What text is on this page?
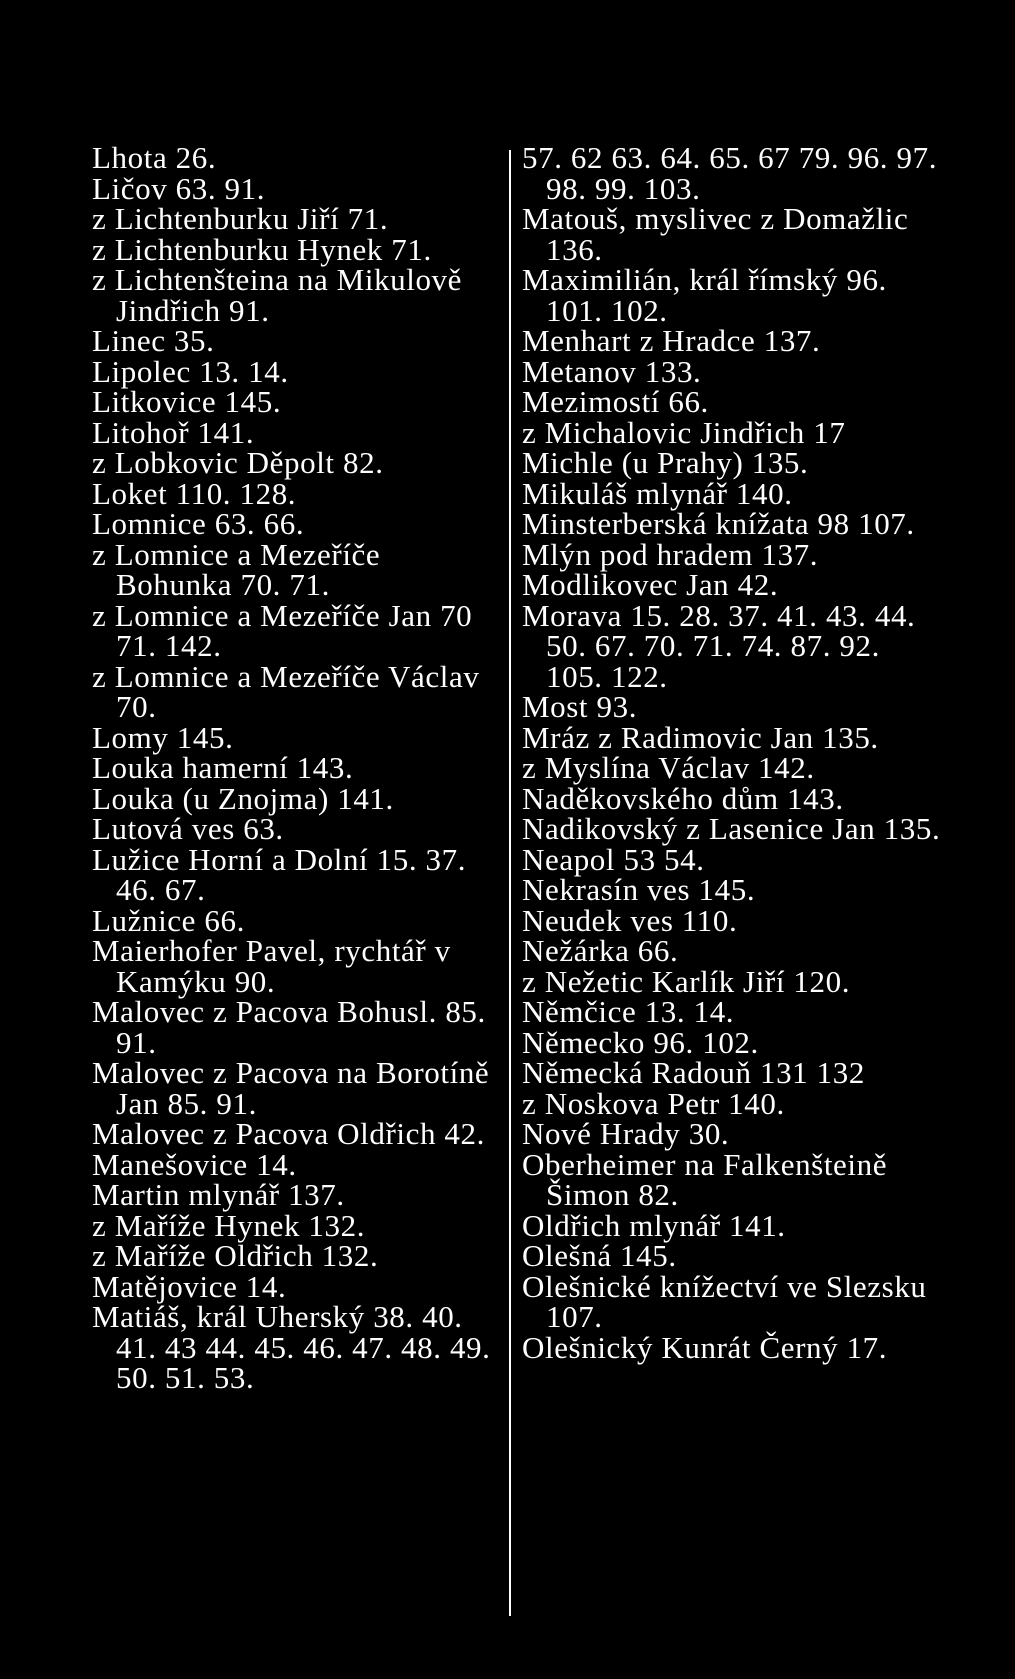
Lhota 26.

Ličov 63. 91.

z Lichtenburku Jiří 71.

z Lichtenburku Hynek 71.

z Lichtenšteina na Mikulově Jindřich 91.

Linec 35.

Lipolec 13. 14.

Litkovice 145.

Litohoř 141.

z Lobkovic Děpolt 82.

Loket 110. 128.

Lomnice 63. 66.

z Lomnice a Mezeříče Bohunka 70. 71.

z Lomnice a Mezeříče Jan 70 71. 142.

z Lomnice a Mezeříče Václav 70.

Lomy 145.

Louka hamerní 143.

Louka (u Znojma) 141.

Lutová ves 63.

Lužice Horní a Dolní 15. 37. 46. 67.

Lužnice 66.

Maierhofer Pavel, rychtář v Kamýku 90.

Malovec z Pacova Bohusl. 85. 91.

Malovec z Pacova na Borotíně Jan 85. 91.

Malovec z Pacova Oldřich 42.

Manešovice 14.

Martin mlynář 137.

z Maříže Hynek 132.

z Maříže Oldřich 132.

Matějovice 14.

Matiáš, král Uherský 38. 40. 41. 43 44. 45. 46. 47. 48. 49. 50. 51. 53.

57. 62 63. 64. 65. 67 79. 96. 97. 98. 99. 103.

Matouš, myslivec z Domažlic 136.

Maximilián, král římský 96. 101. 102.

Menhart z Hradce 137.

Metanov 133.

Mezimostí 66.

z Michalovic Jindřich 17

Michle (u Prahy) 135.

Mikuláš mlynář 140.

Minsterberská knížata 98 107.

Mlýn pod hradem 137.

Modlikovec Jan 42.

Morava 15. 28. 37. 41. 43. 44. 50. 67. 70. 71. 74. 87. 92. 105. 122.

Most 93.

Mráz z Radimovic Jan 135.

z Myslína Václav 142.

Naděkovského dům 143.

Nadikovský z Lasenice Jan 135.

Neapol 53 54.

Nekrasín ves 145.

Neudek ves 110.

Nežárka 66.

z Nežetic Karlík Jiří 120.

Němčice 13. 14.

Německo 96. 102.

Německá Radouň 131 132

z Noskova Petr 140.

Nové Hrady 30.

Oberheimer na Falkenšteině Šimon 82.

Oldřich mlynář 141.

Olešná 145.

Olešnické knížectví ve Slezsku 107.

Olešnický Kunrát Černý 17.
